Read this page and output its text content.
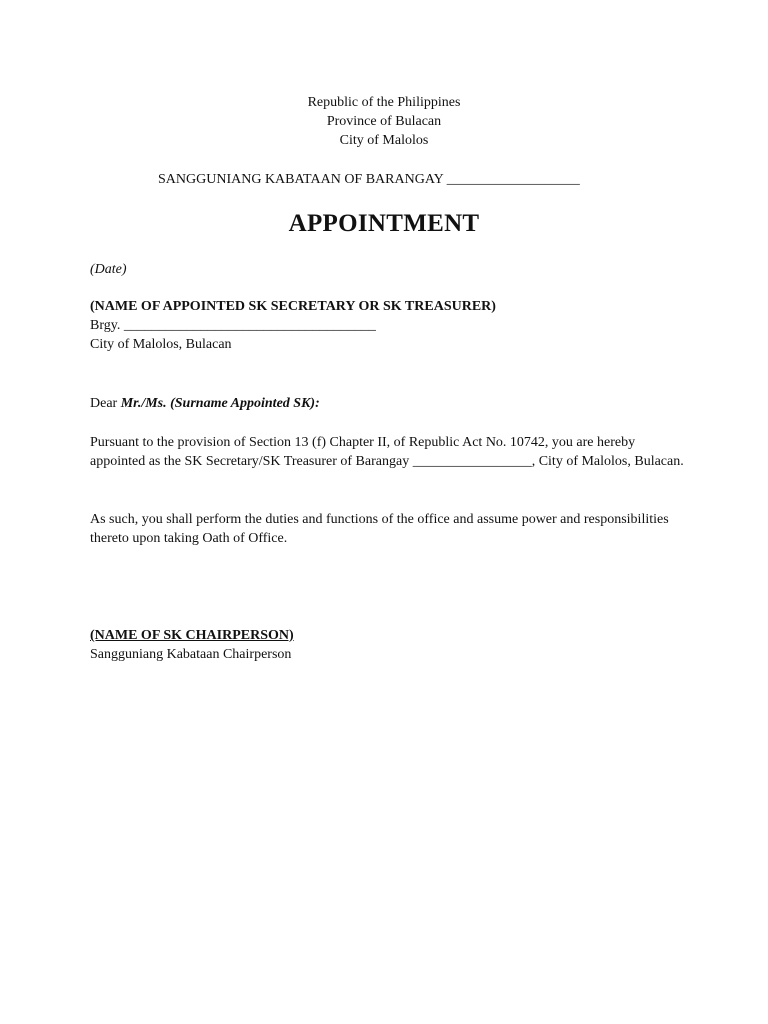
Republic of the Philippines
Province of Bulacan
City of Malolos
SANGGUNIANG KABATAAN OF BARANGAY ___________________
APPOINTMENT
(Date)
(NAME OF APPOINTED SK SECRETARY OR SK TREASURER)
Brgy. ____________________________________
City of Malolos, Bulacan
Dear Mr./Ms. (Surname Appointed SK):
Pursuant to the provision of Section 13 (f) Chapter II, of Republic Act No. 10742, you are hereby appointed as the SK Secretary/SK Treasurer of Barangay _________________, City of Malolos, Bulacan.
As such, you shall perform the duties and functions of the office and assume power and responsibilities thereto upon taking Oath of Office.
(NAME OF SK CHAIRPERSON)
Sangguniang Kabataan Chairperson
